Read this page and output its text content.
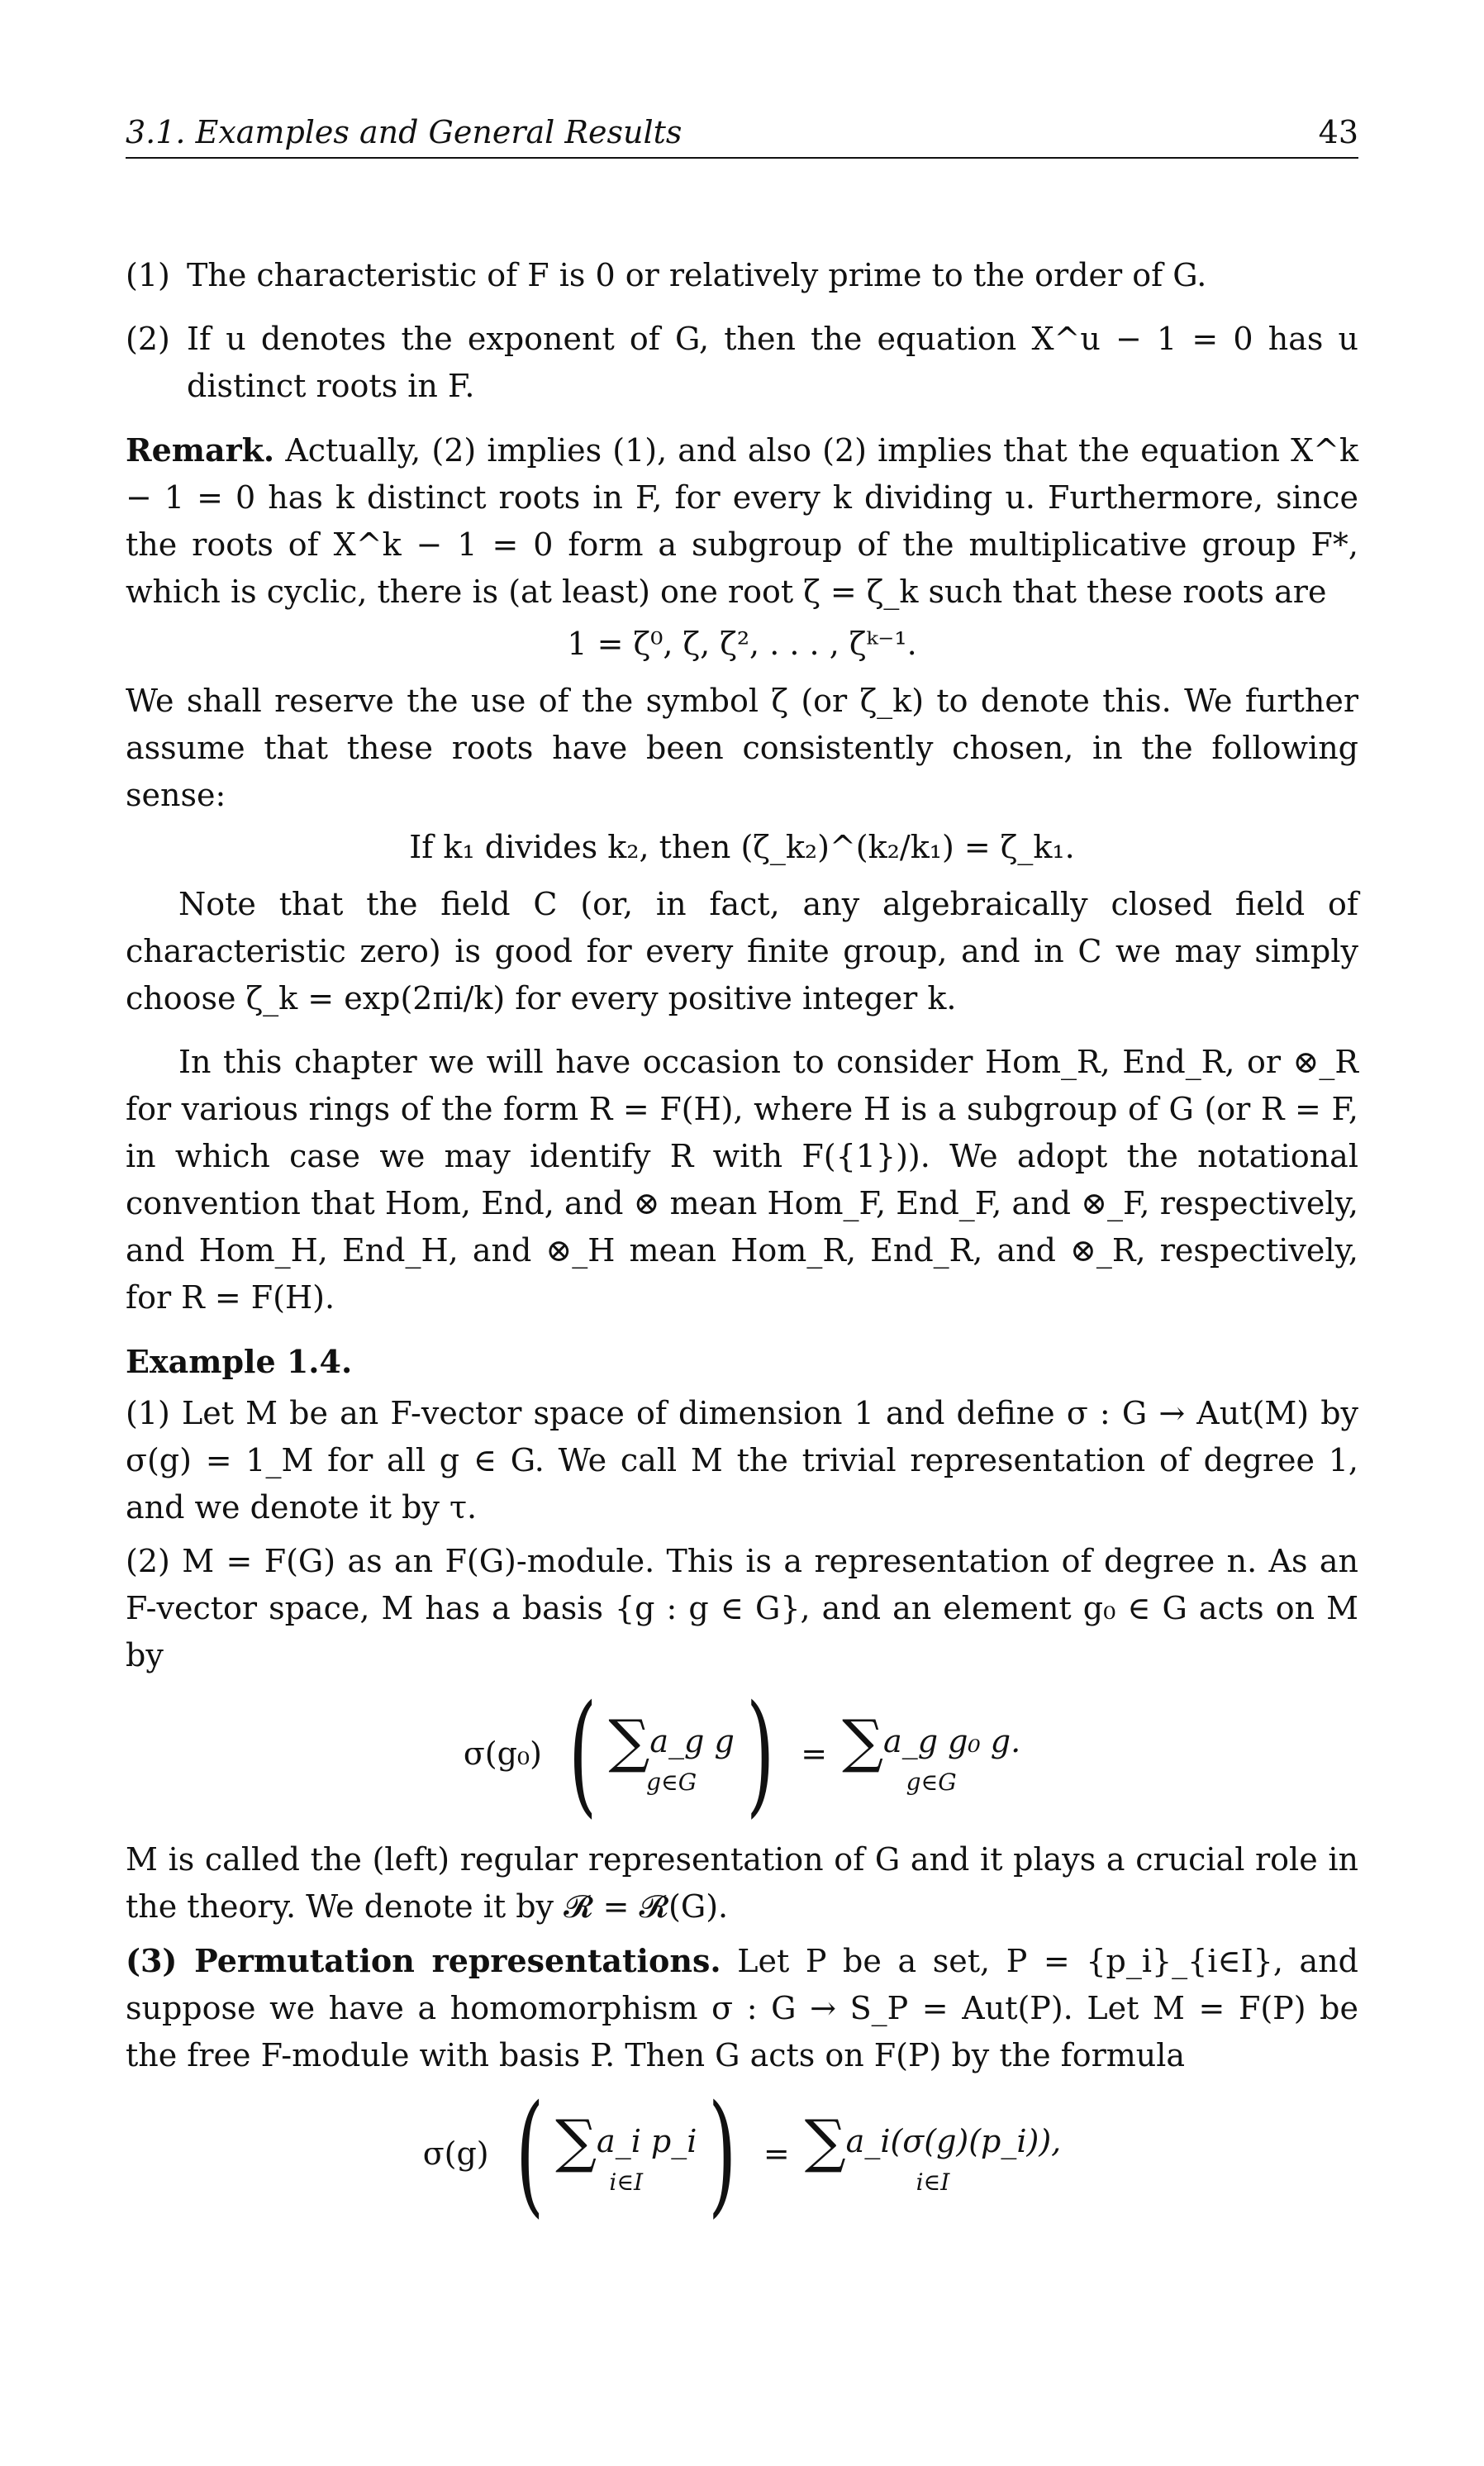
3.1. Examples and General Results	43
(1) The characteristic of F is 0 or relatively prime to the order of G.
(2) If u denotes the exponent of G, then the equation X^u − 1 = 0 has u distinct roots in F.

Remark. Actually, (2) implies (1), and also (2) implies that the equation X^k − 1 = 0 has k distinct roots in F, for every k dividing u. Furthermore, since the roots of X^k − 1 = 0 form a subgroup of the multiplicative group F*, which is cyclic, there is (at least) one root ζ = ζ_k such that these roots are

1 = ζ⁰, ζ, ζ², . . . , ζᵏ⁻¹.

We shall reserve the use of the symbol ζ (or ζ_k) to denote this. We further assume that these roots have been consistently chosen, in the following sense:

If k₁ divides k₂, then (ζ_k₂)^(k₂/k₁) = ζ_k₁.

Note that the field C (or, in fact, any algebraically closed field of characteristic zero) is good for every finite group, and in C we may simply choose ζ_k = exp(2πi/k) for every positive integer k.

In this chapter we will have occasion to consider Hom_R, End_R, or ⊗_R for various rings of the form R = F(H), where H is a subgroup of G (or R = F, in which case we may identify R with F({1})). We adopt the notational convention that Hom, End, and ⊗ mean Hom_F, End_F, and ⊗_F, respectively, and Hom_H, End_H, and ⊗_H mean Hom_R, End_R, and ⊗_R, respectively, for R = F(H).

Example 1.4.

(1) Let M be an F-vector space of dimension 1 and define σ : G → Aut(M) by σ(g) = 1_M for all g ∈ G. We call M the trivial representation of degree 1, and we denote it by τ.

(2) M = F(G) as an F(G)-module. This is a representation of degree n. As an F-vector space, M has a basis {g : g ∈ G}, and an element g₀ ∈ G acts on M by

σ(g₀) ( ∑ a_g g
g∈G ) = ∑ a_g g₀ g.
g∈G

M is called the (left) regular representation of G and it plays a crucial role in the theory. We denote it by 𝓡 = 𝓡(G).

(3) Permutation representations. Let P be a set, P = {p_i}_{i∈I}, and suppose we have a homomorphism σ : G → S_P = Aut(P). Let M = F(P) be the free F-module with basis P. Then G acts on F(P) by the formula

σ(g) ( ∑ a_i p_i
i∈I ) = ∑ a_i(σ(g)(p_i)),
i∈I
